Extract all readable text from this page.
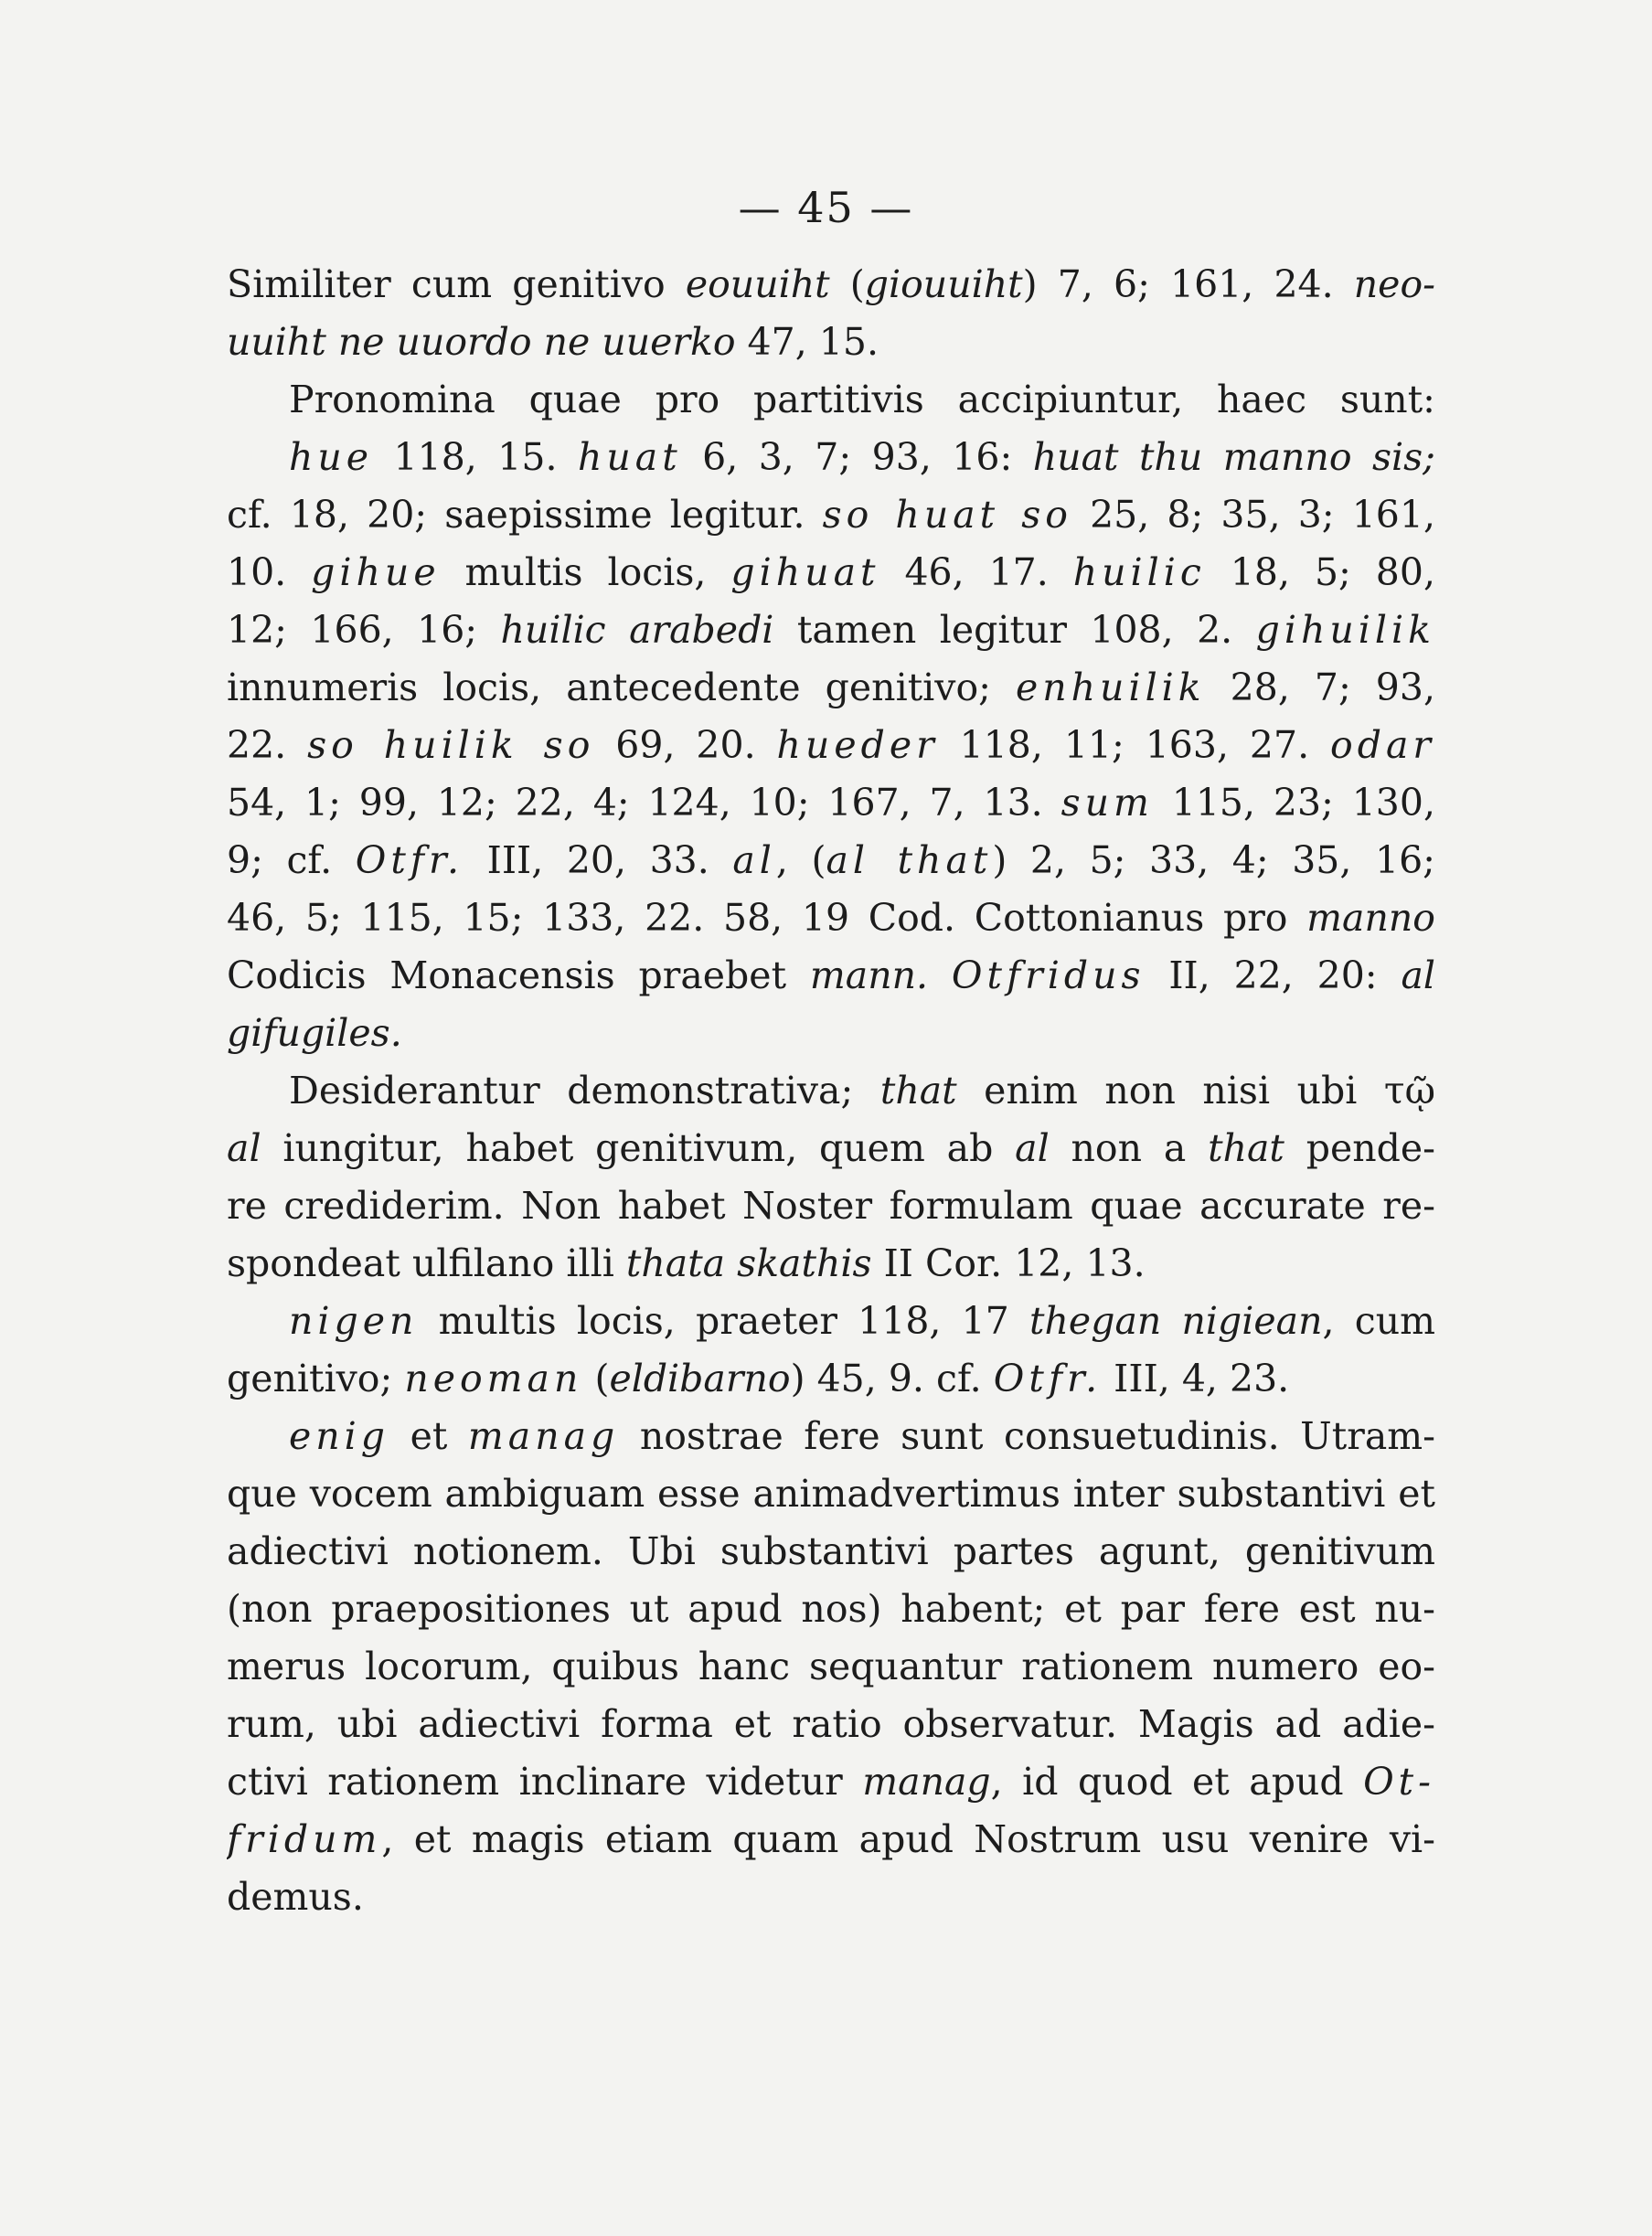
— 45 —
Similiter cum genitivo eouuiht (giouuiht) 7, 6; 161, 24. neo-
uuiht ne uuordo ne uuerko 47, 15.
Pronomina quae pro partitivis accipiuntur, haec sunt:
hue 118, 15. huat 6, 3, 7; 93, 16: huat thu manno sis;
cf. 18, 20; saepissime legitur. so huat so 25, 8; 35, 3; 161,
10. gihue multis locis, gihuat 46, 17. huilic 18, 5; 80,
12; 166, 16; huilic arabedi tamen legitur 108, 2. gihuilik
innumeris locis, antecedente genitivo; enhuilik 28, 7; 93,
22. so huilik so 69, 20. hueder 118, 11; 163, 27. odar
54, 1; 99, 12; 22, 4; 124, 10; 167, 7, 13. sum 115, 23; 130,
9; cf. Otfr. III, 20, 33. al, (al that) 2, 5; 33, 4; 35, 16;
46, 5; 115, 15; 133, 22. 58, 19 Cod. Cottonianus pro manno
Codicis Monacensis praebet mann. Otfridus II, 22, 20: al
gifugiles.
Desiderantur demonstrativa; that enim non nisi ubi τῷ
al iungitur, habet genitivum, quem ab al non a that pende-
re crediderim. Non habet Noster formulam quae accurate re-
spondeat ulfilano illi thata skathis II Cor. 12, 13.
nigen multis locis, praeter 118, 17 thegan nigiean, cum
genitivo; neoman (eldibarno) 45, 9. cf. Otfr. III, 4, 23.
enig et manag nostrae fere sunt consuetudinis. Utram-
que vocem ambiguam esse animadvertimus inter substantivi et
adiectivi notionem. Ubi substantivi partes agunt, genitivum
(non praepositiones ut apud nos) habent; et par fere est nu-
merus locorum, quibus hanc sequantur rationem numero eo-
rum, ubi adiectivi forma et ratio observatur. Magis ad adie-
ctivi rationem inclinare videtur manag, id quod et apud Ot-
fridum, et magis etiam quam apud Nostrum usu venire vi-
demus.
